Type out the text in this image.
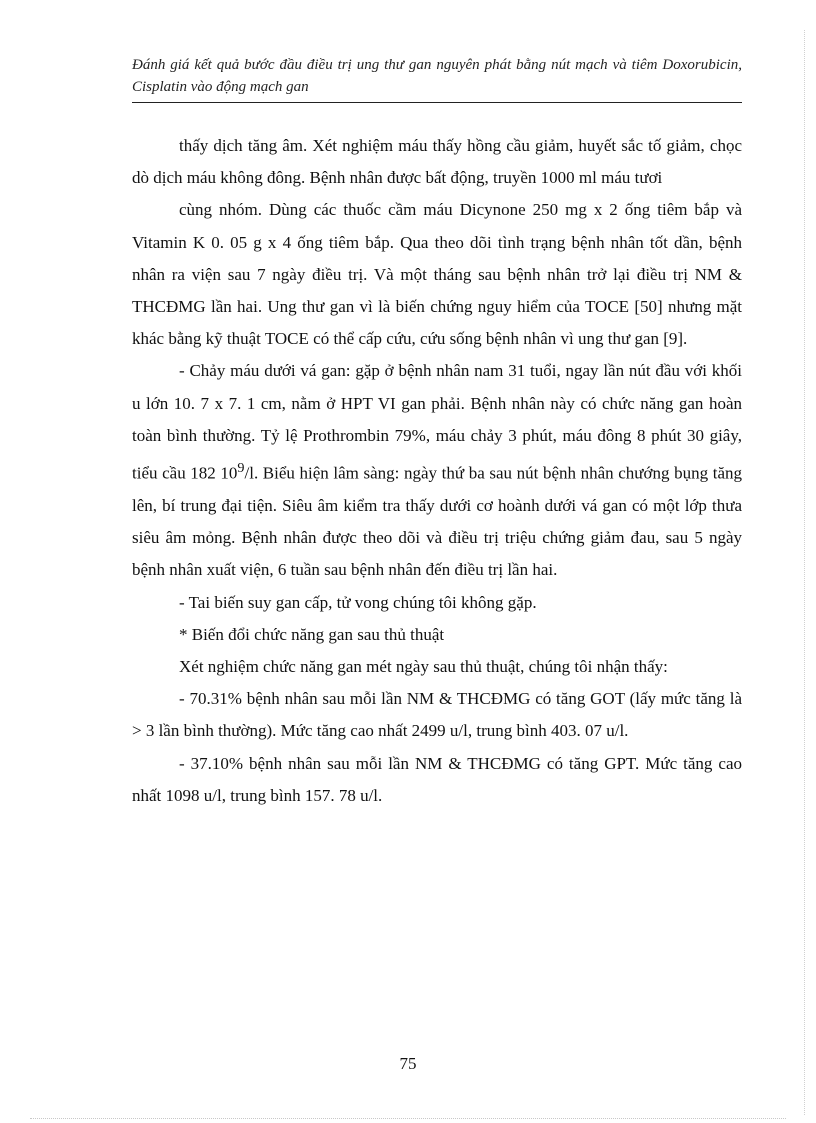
Đánh giá kết quả bước đầu điều trị ung thư gan nguyên phát bằng nút mạch và tiêm Doxorubicin, Cisplatin vào động mạch gan

thấy dịch tăng âm. Xét nghiệm máu thấy hồng cầu giảm, huyết sắc tố giảm, chọc dò dịch máu không đông. Bệnh nhân được bất động, truyền 1000 ml máu tươi

cùng nhóm. Dùng các thuốc cầm máu Dicynone 250 mg x 2 ống tiêm bắp và Vitamin K 0. 05 g x 4 ống tiêm bắp. Qua theo dõi tình trạng bệnh nhân tốt dần, bệnh nhân ra viện sau 7 ngày điều trị. Và một tháng sau bệnh nhân trở lại điều trị NM & THCĐMG lần hai. Ung thư gan vì là biến chứng nguy hiểm của TOCE [50] nhưng mặt khác bằng kỹ thuật TOCE có thể cấp cứu, cứu sống bệnh nhân vì ung thư gan [9].

- Chảy máu dưới vá gan: gặp ở bệnh nhân nam 31 tuổi, ngay lần nút đầu với khối u lớn 10. 7 x 7. 1 cm, nằm ở HPT VI gan phải. Bệnh nhân này có chức năng gan hoàn toàn bình thường. Tỷ lệ Prothrombin 79%, máu chảy 3 phút, máu đông 8 phút 30 giây, tiểu cầu 182 $10^9/l$. Biểu hiện lâm sàng: ngày thứ ba sau nút bệnh nhân chướng bụng tăng lên, bí trung đại tiện. Siêu âm kiểm tra thấy dưới cơ hoành dưới vá gan có một lớp thưa siêu âm mỏng. Bệnh nhân được theo dõi và điều trị triệu chứng giảm đau, sau 5 ngày bệnh nhân xuất viện, 6 tuần sau bệnh nhân đến điều trị lần hai.

- Tai biến suy gan cấp, tử vong chúng tôi không gặp.

* Biến đổi chức năng gan sau thủ thuật

Xét nghiệm chức năng gan mét ngày sau thủ thuật, chúng tôi nhận thấy:

- 70.31% bệnh nhân sau mỗi lần NM & THCĐMG có tăng GOT (lấy mức tăng là > 3 lần bình thường). Mức tăng cao nhất 2499 u/l, trung bình 403. 07 u/l.

- 37.10% bệnh nhân sau mỗi lần NM & THCĐMG có tăng GPT. Mức tăng cao nhất 1098 u/l, trung bình 157. 78 u/l.

75
